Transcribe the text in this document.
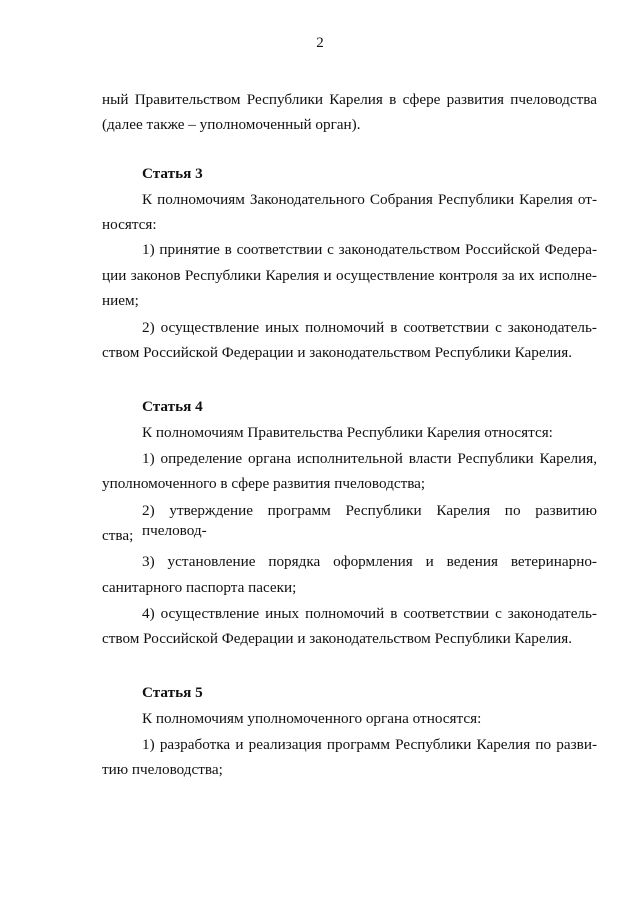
2
ный Правительством Республики Карелия в сфере развития пчеловодства
(далее также – уполномоченный орган).
Статья 3
К полномочиям Законодательного Собрания Республики Карелия от-
носятся:
1) принятие в соответствии с законодательством Российской Федера-
ции законов Республики Карелия и осуществление контроля за их исполне-
нием;
2) осуществление иных полномочий в соответствии с законодатель-
ством Российской Федерации и законодательством Республики Карелия.
Статья 4
К полномочиям Правительства Республики Карелия относятся:
1) определение органа исполнительной власти Республики Карелия,
уполномоченного в сфере развития пчеловодства;
2) утверждение программ Республики Карелия по развитию пчеловод-
ства;
3) установление порядка оформления и ведения ветеринарно-
санитарного паспорта пасеки;
4) осуществление иных полномочий в соответствии с законодатель-
ством Российской Федерации и законодательством Республики Карелия.
Статья 5
К полномочиям уполномоченного органа относятся:
1) разработка и реализация программ Республики Карелия по разви-
тию пчеловодства;
